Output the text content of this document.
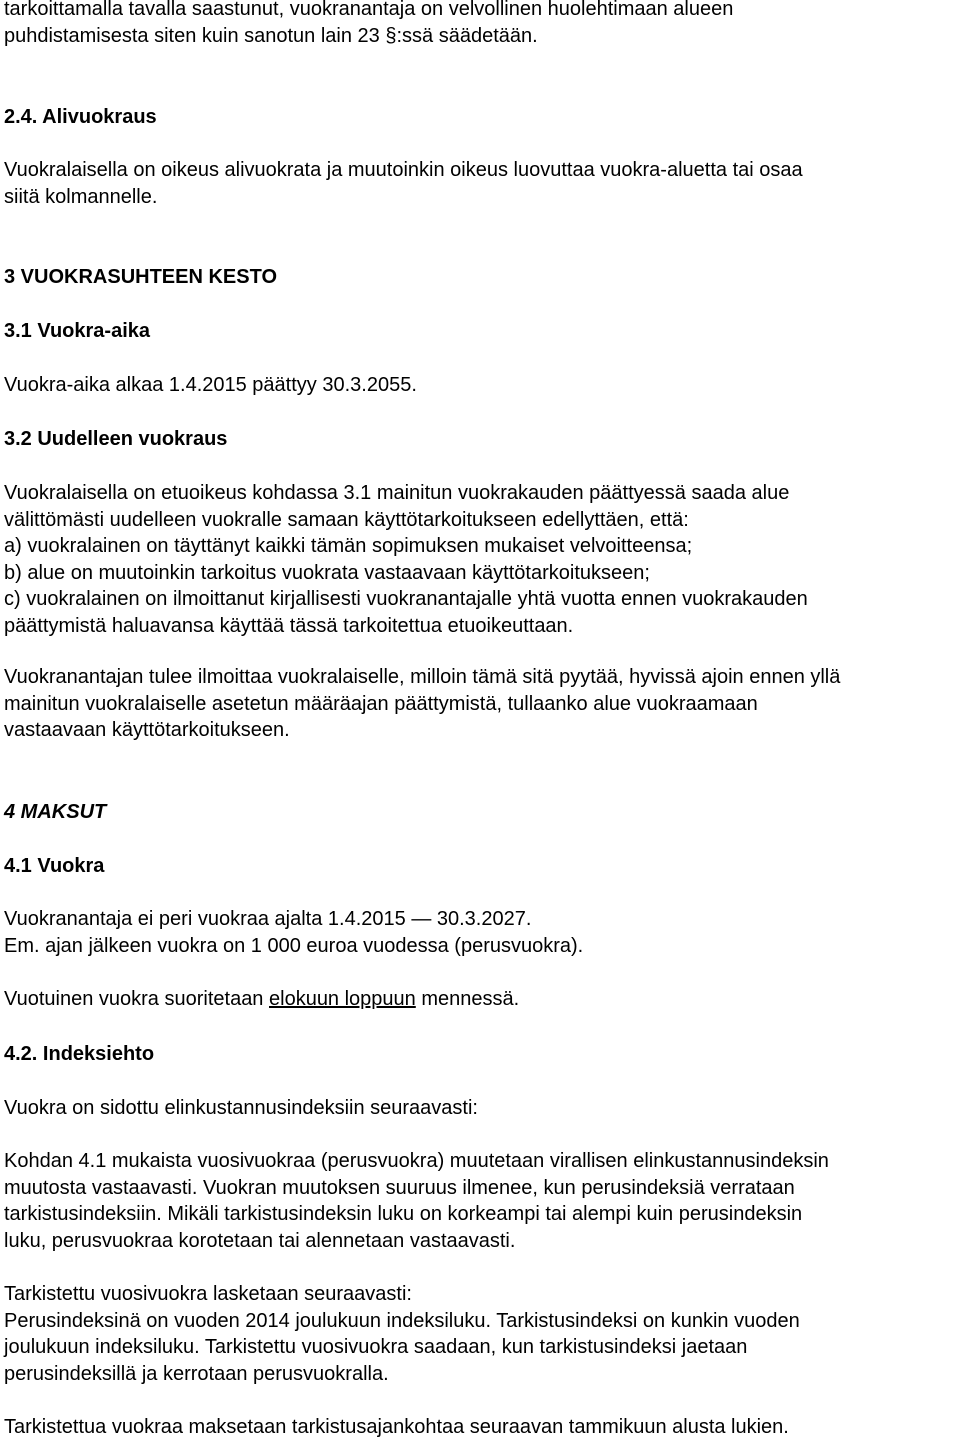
tarkoittamalla tavalla saastunut, vuokranantaja on velvollinen huolehtimaan alueen
puhdistamisesta siten kuin sanotun lain 23 §:ssä säädetään.

2.4. Alivuokraus

Vuokralaisella on oikeus alivuokrata ja muutoinkin oikeus luovuttaa vuokra-aluetta tai osaa
siitä kolmannelle.

3 VUOKRASUHTEEN KESTO

3.1 Vuokra-aika

Vuokra-aika alkaa 1.4.2015 päättyy 30.3.2055.

3.2 Uudelleen vuokraus

Vuokralaisella on etuoikeus kohdassa 3.1 mainitun vuokrakauden päättyessä saada alue
välittömästi uudelleen vuokralle samaan käyttötarkoitukseen edellyttäen, että:
a) vuokralainen on täyttänyt kaikki tämän sopimuksen mukaiset velvoitteensa;
b) alue on muutoinkin tarkoitus vuokrata vastaavaan käyttötarkoitukseen;
c) vuokralainen on ilmoittanut kirjallisesti vuokranantajalle yhtä vuotta ennen vuokrakauden
päättymistä haluavansa käyttää tässä tarkoitettua etuoikeuttaan.

Vuokranantajan tulee ilmoittaa vuokralaiselle, milloin tämä sitä pyytää, hyvissä ajoin ennen yllä
mainitun vuokralaiselle asetetun määräajan päättymistä, tullaanko alue vuokraamaan
vastaavaan käyttötarkoitukseen.

4 MAKSUT

4.1 Vuokra

Vuokranantaja ei peri vuokraa ajalta 1.4.2015 — 30.3.2027.
Em. ajan jälkeen vuokra on 1 000 euroa vuodessa (perusvuokra).

Vuotuinen vuokra suoritetaan elokuun loppuun mennessä.

4.2. Indeksiehto

Vuokra on sidottu elinkustannusindeksiin seuraavasti:

Kohdan 4.1 mukaista vuosivuokraa (perusvuokra) muutetaan virallisen elinkustannusindeksin
muutosta vastaavasti. Vuokran muutoksen suuruus ilmenee, kun perusindeksiä verrataan
tarkistusindeksiin. Mikäli tarkistusindeksin luku on korkeampi tai alempi kuin perusindeksin
luku, perusvuokraa korotetaan tai alennetaan vastaavasti.

Tarkistettu vuosivuokra lasketaan seuraavasti:
Perusindeksinä on vuoden 2014 joulukuun indeksiluku. Tarkistusindeksi on kunkin vuoden
joulukuun indeksiluku. Tarkistettu vuosivuokra saadaan, kun tarkistusindeksi jaetaan
perusindeksillä ja kerrotaan perusvuokralla.

Tarkistettua vuokraa maksetaan tarkistusajankohtaa seuraavan tammikuun alusta lukien.
